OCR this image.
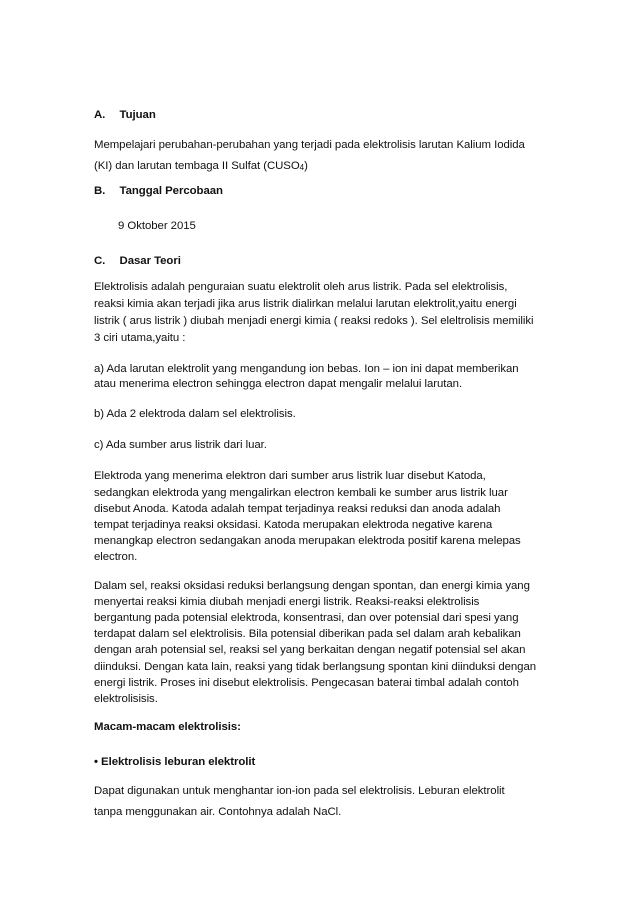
A. Tujuan
Mempelajari perubahan-perubahan yang terjadi pada elektrolisis larutan Kalium Iodida
(KI) dan larutan tembaga II Sulfat $(CUSO_4)$
B. Tanggal Percobaan
9 Oktober 2015
C. Dasar Teori
Elektrolisis adalah penguraian suatu elektrolit oleh arus listrik. Pada sel elektrolisis,
reaksi kimia akan terjadi jika arus listrik dialirkan melalui larutan elektrolit,yaitu energi
listrik ( arus listrik ) diubah menjadi energi kimia ( reaksi redoks ). Sel eleltrolisis memiliki
3 ciri utama,yaitu :
a) Ada larutan elektrolit yang mengandung ion bebas. Ion – ion ini dapat memberikan
atau menerima electron sehingga electron dapat mengalir melalui larutan.
b) Ada 2 elektroda dalam sel elektrolisis.
c) Ada sumber arus listrik dari luar.
Elektroda yang menerima elektron dari sumber arus listrik luar disebut Katoda,
sedangkan elektroda yang mengalirkan electron kembali ke sumber arus listrik luar
disebut Anoda. Katoda adalah tempat terjadinya reaksi reduksi dan anoda adalah
tempat terjadinya reaksi oksidasi. Katoda merupakan elektroda negative karena
menangkap electron sedangakan anoda merupakan elektroda positif karena melepas
electron.
Dalam sel, reaksi oksidasi reduksi berlangsung dengan spontan, dan energi kimia yang
menyertai reaksi kimia diubah menjadi energi listrik. Reaksi-reaksi elektrolisis
bergantung pada potensial elektroda, konsentrasi, dan over potensial dari spesi yang
terdapat dalam sel elektrolisis. Bila potensial diberikan pada sel dalam arah kebalikan
dengan arah potensial sel, reaksi sel yang berkaitan dengan negatif potensial sel akan
diinduksi. Dengan kata lain, reaksi yang tidak berlangsung spontan kini diinduksi dengan
energi listrik. Proses ini disebut elektrolisis. Pengecasan baterai timbal adalah contoh
elektrolisisis.
Macam-macam elektrolisis:
• Elektrolisis leburan elektrolit
Dapat digunakan untuk menghantar ion-ion pada sel elektrolisis. Leburan elektrolit
tanpa menggunakan air. Contohnya adalah NaCl.
